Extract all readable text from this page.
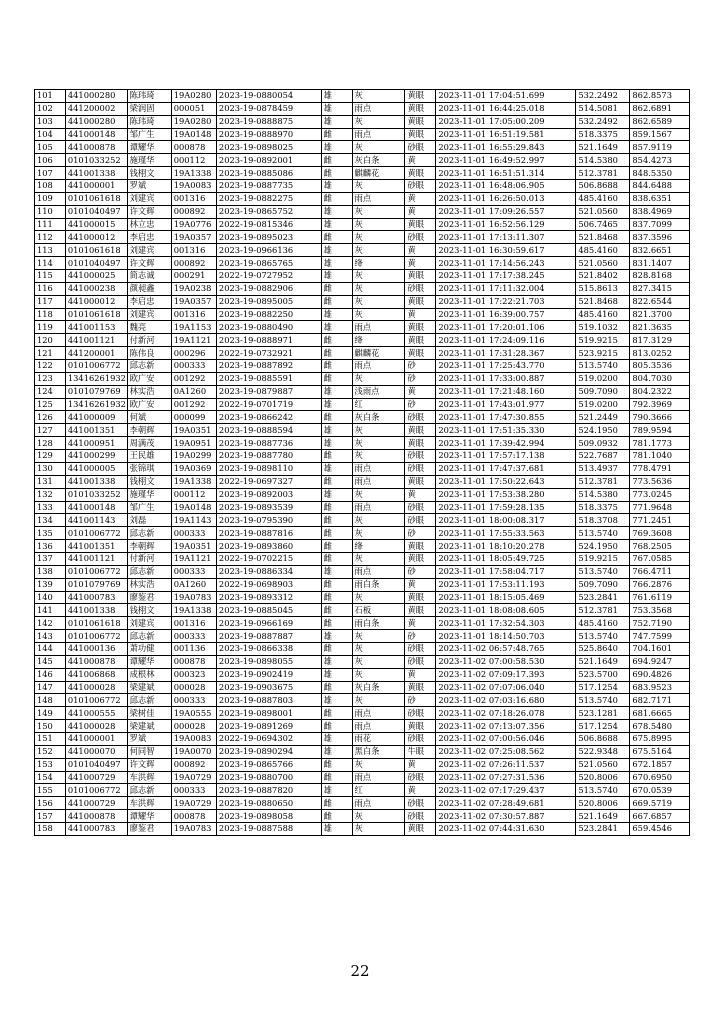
101	441000280	陈玮琦	19A0280	2023-19-0880054	雄	灰	黄眼	2023-11-01 17:04:51.699	532.2492	862.8573
102	441200002	梁润固	000051	2023-19-0878459	雄	雨点	黄眼	2023-11-01 16:44:25.018	514.5081	862.6891
103	441000280	陈玮琦	19A0280	2023-19-0888875	雄	灰	黄眼	2023-11-01 17:05:00.209	532.2492	862.6589
104	441000148	邹广生	19A0148	2023-19-0888970	雌	雨点	黄眼	2023-11-01 16:51:19.581	518.3375	859.1567
105	441000878	谭耀华	000878	2023-19-0898025	雄	灰	砂眼	2023-11-01 16:55:29.843	521.1649	857.9119
106	0101033252	施瑾华	000112	2023-19-0892001	雌	灰白条	黄	2023-11-01 16:49:52.997	514.5380	854.4273
107	441001338	钱栩文	19A1338	2023-19-0885086	雌	麒麟花	黄眼	2023-11-01 16:51:51.314	512.3781	848.5350
108	441000001	罗斌	19A0083	2023-19-0887735	雄	灰	砂眼	2023-11-01 16:48:06.905	506.8688	844.6488
109	0101061618	刘建宾	001316	2023-19-0882275	雌	雨点	黄	2023-11-01 16:26:50.013	485.4160	838.6351
110	0101040497	许文辉	000892	2023-19-0865752	雄	灰	黄	2023-11-01 17:09:26.557	521.0560	838.4969
111	441000015	林立忠	19A0776	2022-19-0815346	雄	灰	黄眼	2023-11-01 16:52:56.129	506.7465	837.7099
112	441000012	李启忠	19A0357	2023-19-0895023	雌	灰	砂眼	2023-11-01 17:13:11.307	521.8468	837.3596
113	0101061618	刘建宾	001316	2023-19-0966136	雄	灰	黄	2023-11-01 16:30:59.617	485.4160	832.6651
114	0101040497	许文辉	000892	2023-19-0865765	雄	绛	黄	2023-11-01 17:14:56.243	521.0560	831.1407
115	441000025	简志诚	000291	2022-19-0727952	雄	灰	黄眼	2023-11-01 17:17:38.245	521.8402	828.8168
116	441000238	颜昶鑫	19A0238	2023-19-0882906	雌	灰	砂眼	2023-11-01 17:11:32.004	515.8613	827.3415
117	441000012	李启忠	19A0357	2023-19-0895005	雌	灰	黄眼	2023-11-01 17:22:21.703	521.8468	822.6544
118	0101061618	刘建宾	001316	2023-19-0882250	雄	灰	黄	2023-11-01 16:39:00.757	485.4160	821.3700
119	441001153	魏亮	19A1153	2023-19-0880490	雄	雨点	黄眼	2023-11-01 17:20:01.106	519.1032	821.3635
120	441001121	付新河	19A1121	2023-19-0888971	雌	绛	黄眼	2023-11-01 17:24:09.116	519.9215	817.3129
121	441200001	陈伟良	000296	2022-19-0732921	雌	麒麟花	黄眼	2023-11-01 17:31:28.367	523.9215	813.0252
122	0101006772	邱志新	000333	2023-19-0887892	雌	雨点	砂	2023-11-01 17:25:43.770	513.5740	805.3536
123	13416261932	欧广安	001292	2023-19-0885591	雌	灰	砂	2023-11-01 17:33:00.887	519.0200	804.7030
124	0101079769	林实浩	0A1260	2023-19-0879887	雄	浅雨点	黄	2023-11-01 17:21:48.160	509.7090	804.2322
125	13416261932	欧广安	001292	2022-19-0701719	雄	红	砂	2023-11-01 17:43:01.977	519.0200	792.3969
126	441000009	何斌	000099	2023-19-0866242	雌	灰白条	砂眼	2023-11-01 17:47:30.855	521.2449	790.3666
127	441001351	李朝辉	19A0351	2023-19-0888594	雄	灰	黄眼	2023-11-01 17:51:35.330	524.1950	789.9594
128	441000951	周满茂	19A0951	2023-19-0887736	雄	灰	黄眼	2023-11-01 17:39:42.994	509.0932	781.1773
129	441000299	王民雄	19A0299	2023-19-0887780	雌	灰	砂眼	2023-11-01 17:57:17.138	522.7687	781.1040
130	441000005	张锦琪	19A0369	2023-19-0898110	雄	雨点	砂眼	2023-11-01 17:47:37.681	513.4937	778.4791
131	441001338	钱栩文	19A1338	2022-19-0697327	雌	雨点	黄眼	2023-11-01 17:50:22.643	512.3781	773.5636
132	0101033252	施瑾华	000112	2023-19-0892003	雄	灰	黄	2023-11-01 17:53:38.280	514.5380	773.0245
133	441000148	邹广生	19A0148	2023-19-0893539	雌	雨点	砂眼	2023-11-01 17:59:28.135	518.3375	771.9648
134	441001143	刘磊	19A1143	2023-19-0795390	雌	灰	砂眼	2023-11-01 18:00:08.317	518.3708	771.2451
135	0101006772	邱志新	000333	2023-19-0887816	雌	灰	砂	2023-11-01 17:55:33.563	513.5740	769.3608
136	441001351	李朝辉	19A0351	2023-19-0893860	雌	绛	黄眼	2023-11-01 18:10:20.278	524.1950	768.2505
137	441001121	付新河	19A1121	2022-19-0702215	雌	灰	黄眼	2023-11-01 18:05:49.725	519.9215	767.0585
138	0101006772	邱志新	000333	2023-19-0886334	雄	雨点	砂	2023-11-01 17:58:04.717	513.5740	766.4711
139	0101079769	林实浩	0A1260	2022-19-0698903	雌	雨白条	黄	2023-11-01 17:53:11.193	509.7090	766.2876
140	441000783	廖鉴君	19A0783	2023-19-0893312	雌	灰	黄眼	2023-11-01 18:15:05.469	523.2841	761.6119
141	441001338	钱栩文	19A1338	2023-19-0885045	雌	石板	黄眼	2023-11-01 18:08:08.605	512.3781	753.3568
142	0101061618	刘建宾	001316	2023-19-0966169	雌	雨白条	黄	2023-11-01 17:32:54.303	485.4160	752.7190
143	0101006772	邱志新	000333	2023-19-0887887	雄	灰	砂	2023-11-01 18:14:50.703	513.5740	747.7599
144	441000136	萧功健	001136	2023-19-0866338	雌	灰	砂眼	2023-11-02 06:57:48.765	525.8640	704.1601
145	441000878	谭耀华	000878	2023-19-0898055	雄	灰	砂眼	2023-11-02 07:00:58.530	521.1649	694.9247
146	441006868	成根林	000323	2023-19-0902419	雄	灰	黄	2023-11-02 07:09:17.393	523.5700	690.4826
147	441000028	梁建斌	000028	2023-19-0903675	雌	灰白条	黄眼	2023-11-02 07:07:06.040	517.1254	683.9523
148	0101006772	邱志新	000333	2023-19-0887803	雄	灰	砂	2023-11-02 07:03:16.680	513.5740	682.7171
149	441000555	梁树佳	19A0555	2023-19-0898001	雌	雨点	砂眼	2023-11-02 07:18:26.078	523.1281	681.6665
150	441000028	梁建斌	000028	2023-19-0891269	雌	雨点	黄眼	2023-11-02 07:13:07.356	517.1254	678.5480
151	441000001	罗斌	19A0083	2022-19-0694302	雄	雨花	砂眼	2023-11-02 07:00:56.046	506.8688	675.8995
152	441000070	何同智	19A0070	2023-19-0890294	雄	黑白条	牛眼	2023-11-02 07:25:08.562	522.9348	675.5164
153	0101040497	许文辉	000892	2023-19-0865766	雌	灰	黄	2023-11-02 07:26:11.537	521.0560	672.1857
154	441000729	车洪辉	19A0729	2023-19-0880700	雌	雨点	砂眼	2023-11-02 07:27:31.536	520.8006	670.6950
155	0101006772	邱志新	000333	2023-19-0887820	雄	红	黄	2023-11-02 07:17:29.437	513.5740	670.0539
156	441000729	车洪辉	19A0729	2023-19-0880650	雌	雨点	砂眼	2023-11-02 07:28:49.681	520.8006	669.5719
157	441000878	谭耀华	000878	2023-19-0898058	雌	灰	砂眼	2023-11-02 07:30:57.887	521.1649	667.6857
158	441000783	廖鉴君	19A0783	2023-19-0887588	雄	灰	黄眼	2023-11-02 07:44:31.630	523.2841	659.4546
22
